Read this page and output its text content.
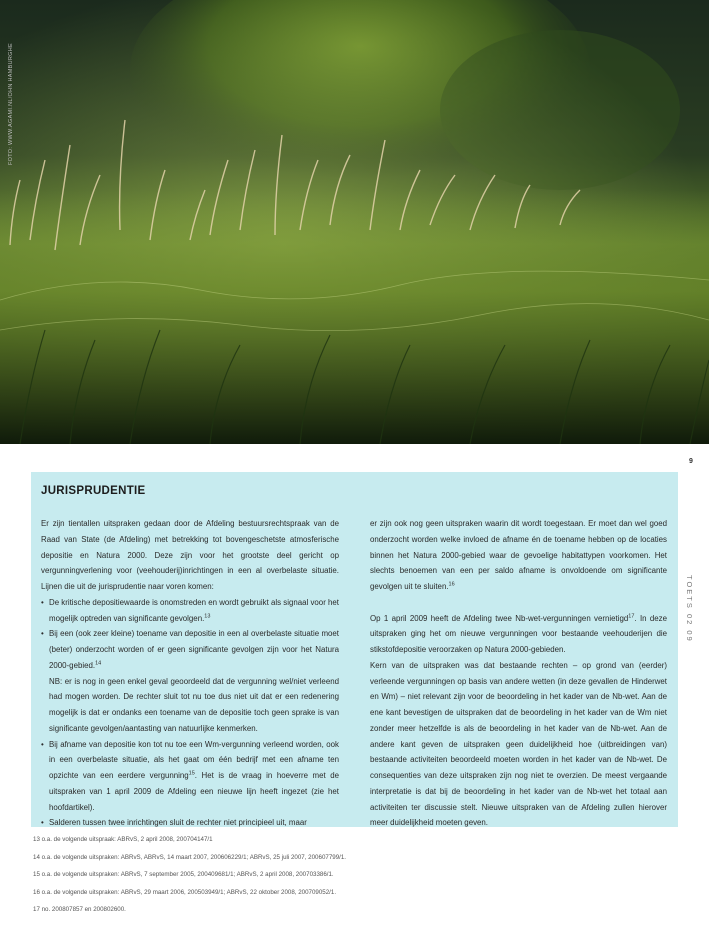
FOTO: WWW.AGAMI.NL/OHN HAMBURGHE
9
TOETS 02 09
JURISPRUDENTIE

Er zijn tientallen uitspraken gedaan door de Afdeling bestuursrechtspraak van de Raad van State (de Afdeling) met betrekking tot bovengeschetste atmosferische depositie en Natura 2000. Deze zijn voor het grootste deel gericht op vergunningverlening voor (veehouderij)inrichtingen in een al overbelaste situatie. Lijnen die uit de jurisprudentie naar voren komen:

• De kritische depositiewaarde is onomstreden en wordt gebruikt als signaal voor het mogelijk optreden van significante gevolgen.$^{13}$
• Bij een (ook zeer kleine) toename van depositie in een al overbelaste situatie moet (beter) onderzocht worden of er geen significante gevolgen zijn voor het Natura 2000-gebied.$^{14}$

NB: er is nog in geen enkel geval geoordeeld dat de vergunning wel/niet verleend had mogen worden. De rechter sluit tot nu toe dus niet uit dat er een redenering mogelijk is dat er ondanks een toename van de depositie toch geen sprake is van significante gevolgen/aantasting van natuurlijke kenmerken.

• Bij afname van depositie kon tot nu toe een Wm-vergunning verleend worden, ook in een overbelaste situatie, als het gaat om één bedrijf met een afname ten opzichte van een eerdere vergunning$^{15}$. Het is de vraag in hoeverre met de uitspraken van 1 april 2009 de Afdeling een nieuwe lijn heeft ingezet (zie het hoofdartikel).
• Salderen tussen twee inrichtingen sluit de rechter niet principieel uit, maar

er zijn ook nog geen uitspraken waarin dit wordt toegestaan. Er moet dan wel goed onderzocht worden welke invloed de afname én de toename hebben op de locaties binnen het Natura 2000-gebied waar de gevoelige habitattypen voorkomen. Het slechts benoemen van een per saldo afname is onvoldoende om significante gevolgen uit te sluiten.$^{16}$

Op 1 april 2009 heeft de Afdeling twee Nb-wet-vergunningen vernietigd$^{17}$. In deze uitspraken ging het om nieuwe vergunningen voor bestaande veehouderijen die stikstofdepositie veroorzaken op Natura 2000-gebieden.

Kern van de uitspraken was dat bestaande rechten – op grond van (eerder) verleende vergunningen op basis van andere wetten (in deze gevallen de Hinderwet en Wm) – niet relevant zijn voor de beoordeling in het kader van de Nb-wet. Aan de ene kant bevestigen de uitspraken dat de beoordeling in het kader van de Wm niet zonder meer hetzelfde is als de beoordeling in het kader van de Nb-wet. Aan de andere kant geven de uitspraken geen duidelijkheid hoe (uitbreidingen van) bestaande activiteiten beoordeeld moeten worden in het kader van de Nb-wet. De consequenties van deze uitspraken zijn nog niet te overzien. De meest vergaande interpretatie is dat bij de beoordeling in het kader van de Nb-wet het totaal aan activiteiten ter discussie stelt. Nieuwe uitspraken van de Afdeling zullen hierover meer duidelijkheid moeten geven.

13 o.a. de volgende uitspraak: ABRvS, 2 april 2008, 200704147/1
14 o.a. de volgende uitspraken: ABRvS, ABRvS, 14 maart 2007, 200606229/1; ABRvS, 25 juli 2007, 200607799/1.
15 o.a. de volgende uitspraken: ABRvS, 7 september 2005, 200409681/1; ABRvS, 2 april 2008, 200703386/1.
16 o.a. de volgende uitspraken: ABRvS, 29 maart 2006, 200503949/1; ABRvS, 22 oktober 2008, 200709052/1.
17 no. 200807857 en 200802600.
